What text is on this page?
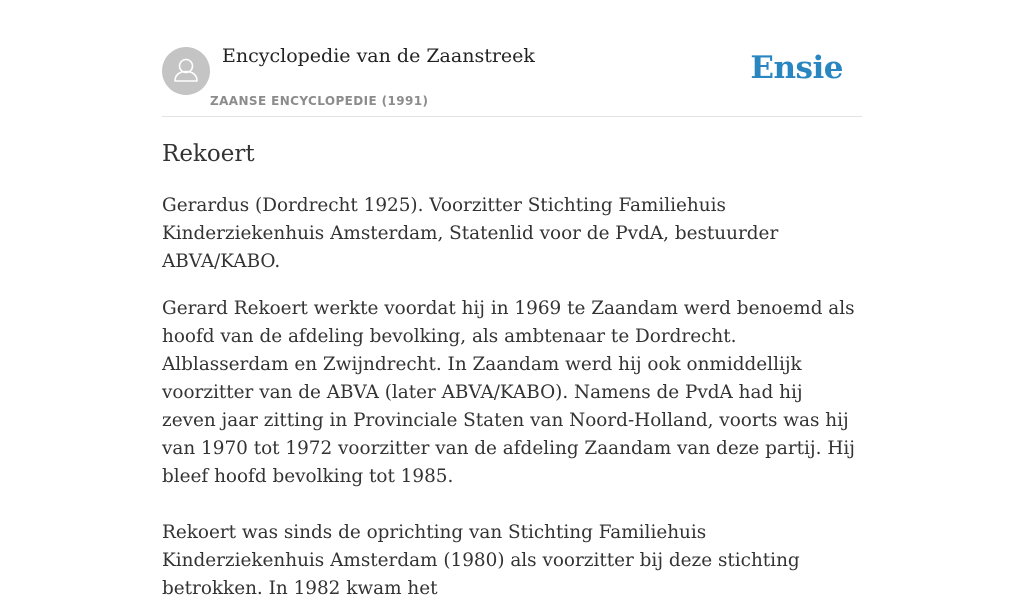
Encyclopedie van de Zaanstreek
ZAANSE ENCYCLOPEDIE (1991)
Ensie
Rekoert

Gerardus (Dordrecht 1925). Voorzitter Stichting Familiehuis Kinderziekenhuis Amsterdam, Statenlid voor de PvdA, bestuurder ABVA/KABO.

Gerard Rekoert werkte voordat hij in 1969 te Zaandam werd benoemd als hoofd van de afdeling bevolking, als ambtenaar te Dordrecht. Alblasserdam en Zwijndrecht. In Zaandam werd hij ook onmiddellijk voorzitter van de ABVA (later ABVA/KABO). Namens de PvdA had hij zeven jaar zitting in Provinciale Staten van Noord-Holland, voorts was hij van 1970 tot 1972 voorzitter van de afdeling Zaandam van deze partij. Hij bleef hoofd bevolking tot 1985.

Rekoert was sinds de oprichting van Stichting Familiehuis Kinderziekenhuis Amsterdam (1980) als voorzitter bij deze stichting betrokken. In 1982 kwam het
